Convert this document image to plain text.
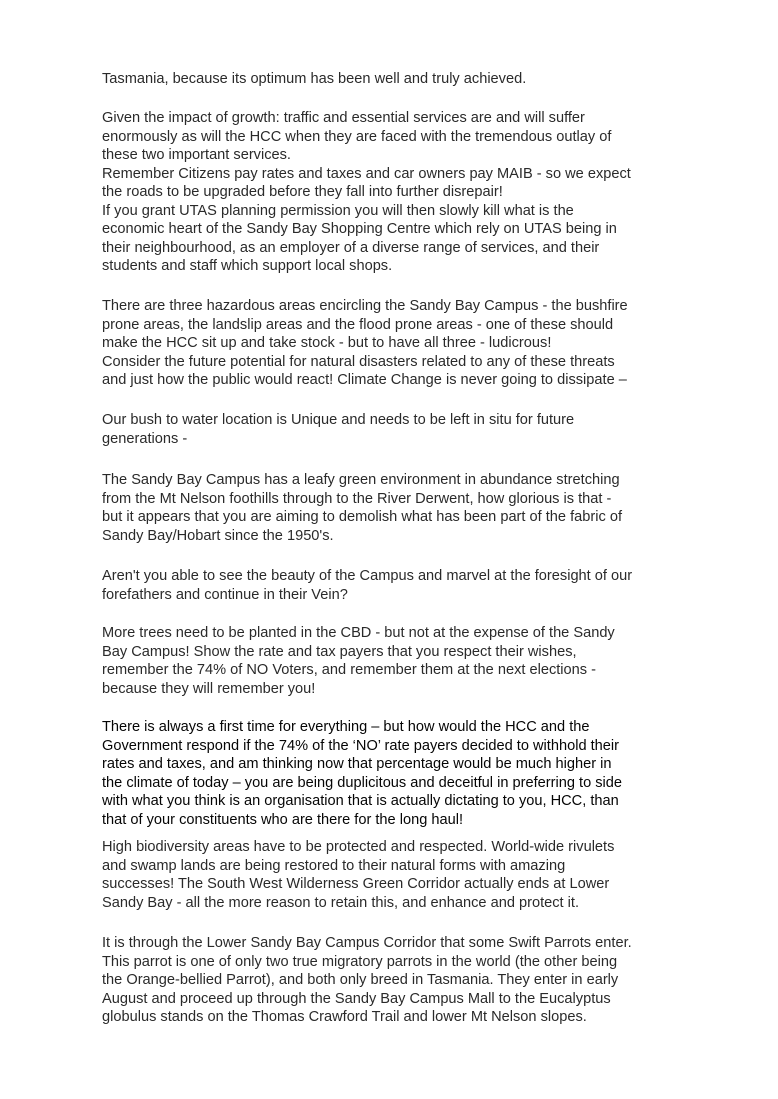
Tasmania, because its optimum has been well and truly achieved.

Given the impact of growth: traffic and essential services are and will suffer
enormously as will the HCC when they are faced with the tremendous outlay of
these two important services.
Remember Citizens pay rates and taxes and car owners pay MAIB - so we expect
the roads to be upgraded before they fall into further disrepair!
If you grant UTAS planning permission you will then slowly kill what is the
economic heart of the Sandy Bay Shopping Centre which rely on UTAS being in
their neighbourhood, as an employer of a diverse range of services, and their
students and staff which support local shops.

There are three hazardous areas encircling the Sandy Bay Campus - the bushfire
prone areas, the landslip areas and the flood prone areas - one of these should
make the HCC sit up and take stock - but to have all three - ludicrous!
Consider the future potential for natural disasters related to any of these threats
and just how the public would react! Climate Change is never going to dissipate –

Our bush to water location is Unique and needs to be left in situ for future
generations -

The Sandy Bay Campus has a leafy green environment in abundance stretching
from the Mt Nelson foothills through to the River Derwent, how glorious is that -
but it appears that you are aiming to demolish what has been part of the fabric of
Sandy Bay/Hobart since the 1950's.

Aren't you able to see the beauty of the Campus and marvel at the foresight of our
forefathers and continue in their Vein?

More trees need to be planted in the CBD - but not at the expense of the Sandy
Bay Campus! Show the rate and tax payers that you respect their wishes,
remember the 74% of NO Voters, and remember them at the next elections -
because they will remember you!

There is always a first time for everything – but how would the HCC and the
Government respond if the 74% of the ‘NO’ rate payers decided to withhold their
rates and taxes, and am thinking now that percentage would be much higher in
the climate of today – you are being duplicitous and deceitful in preferring to side
with what you think is an organisation that is actually dictating to you, HCC, than
that of your constituents who are there for the long haul!

High biodiversity areas have to be protected and respected. World-wide rivulets
and swamp lands are being restored to their natural forms with amazing
successes! The South West Wilderness Green Corridor actually ends at Lower
Sandy Bay - all the more reason to retain this, and enhance and protect it.

It is through the Lower Sandy Bay Campus Corridor that some Swift Parrots enter.
This parrot is one of only two true migratory parrots in the world (the other being
the Orange-bellied Parrot), and both only breed in Tasmania. They enter in early
August and proceed up through the Sandy Bay Campus Mall to the Eucalyptus
globulus stands on the Thomas Crawford Trail and lower Mt Nelson slopes.
